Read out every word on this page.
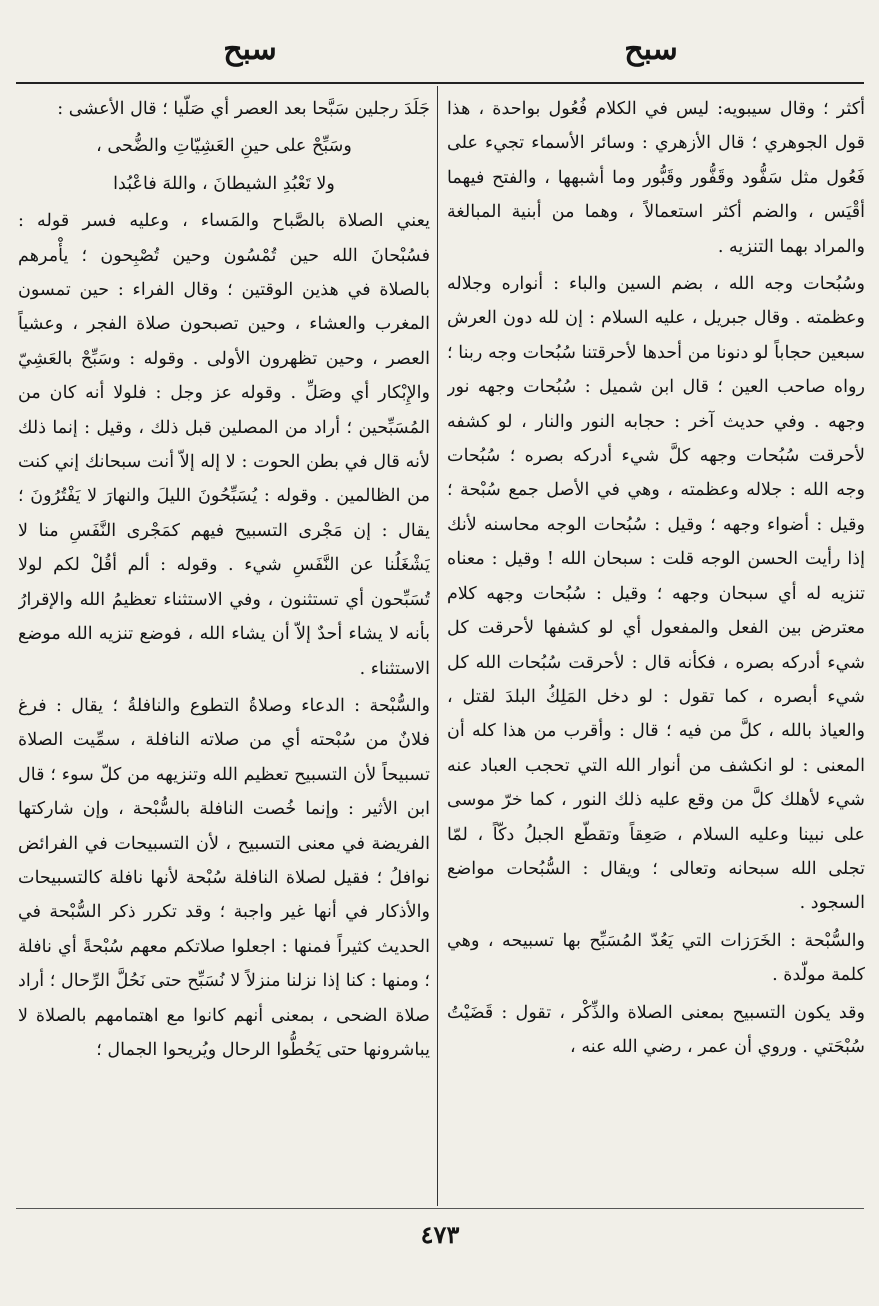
سبح
سبح

أكثر ؛ وقال سيبويه: ليس في الكلام فُعُول بواحدة ، هذا قول الجوهري ؛ قال الأزهري : وسائر الأسماء تجيء على فَعُول مثل سَفُّود وقَفُّور وقَبُّور وما أشبهها ، والفتح فيهما أقْيَس ، والضم أكثر استعمالاً ، وهما من أبنية المبالغة والمراد بهما التنزيه .

وسُبُحات وجه الله ، بضم السين والباء : أنواره وجلاله وعظمته . وقال جبريل ، عليه السلام : إن لله دون العرش سبعين حجاباً لو دنونا من أحدها لأحرقتنا سُبُحات وجه ربنا ؛ رواه صاحب العين ؛ قال ابن شميل : سُبُحات وجهه نور وجهه . وفي حديث آخر : حجابه النور والنار ، لو كشفه لأحرقت سُبُحات وجهه كلَّ شيء أدركه بصره ؛ سُبُحات وجه الله : جلاله وعظمته ، وهي في الأصل جمع سُبْحة ؛ وقيل : أضواء وجهه ؛ وقيل : سُبُحات الوجه محاسنه لأنك إذا رأيت الحسن الوجه قلت : سبحان الله ! وقيل : معناه تنزيه له أي سبحان وجهه ؛ وقيل : سُبُحات وجهه كلام معترض بين الفعل والمفعول أي لو كشفها لأحرقت كل شيء أدركه بصره ، فكأنه قال : لأحرقت سُبُحات الله كل شيء أبصره ، كما تقول : لو دخل المَلِكُ البلدَ لقتل ، والعياذ بالله ، كلَّ من فيه ؛ قال : وأقرب من هذا كله أن المعنى : لو انكشف من أنوار الله التي تحجب العباد عنه شيء لأهلك كلَّ من وقع عليه ذلك النور ، كما خرّ موسى على نبينا وعليه السلام ، صَعِقاً وتقطّع الجبلُ دكّاً ، لمّا تجلى الله سبحانه وتعالى ؛ ويقال : السُّبُحات مواضع السجود .

والسُّبْحة : الخَرَزات التي يَعُدّ المُسَبِّح بها تسبيحه ، وهي كلمة مولّدة .

وقد يكون التسبيح بمعنى الصلاة والذِّكْر ، تقول : قَضَيْتُ سُبْحَتي . وروي أن عمر ، رضي الله عنه ،

جَلَدَ رجلين سَبَّحا بعد العصر أي صَلّيا ؛ قال الأعشى :

وسَبِّحْ على حينِ العَشِيّاتِ والضُّحى ،

ولا تَعْبُدِ الشيطانَ ، واللهَ فاعْبُدا

يعني الصلاة بالصَّباح والمَساء ، وعليه فسر قوله : فسُبْحانَ الله حين تُمْسُون وحين تُصْبِحون ؛ يأْمرهم بالصلاة في هذين الوقتين ؛ وقال الفراء : حين تمسون المغرب والعشاء ، وحين تصبحون صلاة الفجر ، وعشياً العصر ، وحين تظهرون الأولى . وقوله : وسَبِّحْ بالعَشِيّ والإِبْكار أي وصَلِّ . وقوله عز وجل : فلولا أنه كان من المُسَبِّحين ؛ أراد من المصلين قبل ذلك ، وقيل : إنما ذلك لأنه قال في بطن الحوت : لا إله إلاّ أنت سبحانك إني كنت من الظالمين . وقوله : يُسَبِّحُونَ الليلَ والنهارَ لا يَفْتُرُونَ ؛ يقال : إن مَجْرى التسبيح فيهم كمَجْرى النَّفَسِ منا لا يَشْغَلُنا عن النَّفَسِ شيء . وقوله : ألم أقُلْ لكم لولا تُسَبِّحون أي تستثنون ، وفي الاستثناء تعظيمُ الله والإقرارُ بأنه لا يشاء أحدٌ إلاّ أن يشاء الله ، فوضع تنزيه الله موضع الاستثناء .

والسُّبْحة : الدعاء وصلاةُ التطوع والنافلةُ ؛ يقال : فرغ فلانٌ من سُبْحته أي من صلاته النافلة ، سمِّيت الصلاة تسبيحاً لأن التسبيح تعظيم الله وتنزيهه من كلّ سوء ؛ قال ابن الأثير : وإنما خُصت النافلة بالسُّبْحة ، وإن شاركتها الفريضة في معنى التسبيح ، لأن التسبيحات في الفرائض نوافلُ ؛ فقيل لصلاة النافلة سُبْحة لأنها نافلة كالتسبيحات والأذكار في أنها غير واجبة ؛ وقد تكرر ذكر السُّبْحة في الحديث كثيراً فمنها : اجعلوا صلاتكم معهم سُبْحةً أي نافلة ؛ ومنها : كنا إذا نزلنا منزلاً لا نُسَبِّح حتى نَحُلَّ الرِّحال ؛ أراد صلاة الضحى ، بمعنى أنهم كانوا مع اهتمامهم بالصلاة لا يباشرونها حتى يَحُطُّوا الرحال ويُريحوا الجمال ؛

٤٧٣
